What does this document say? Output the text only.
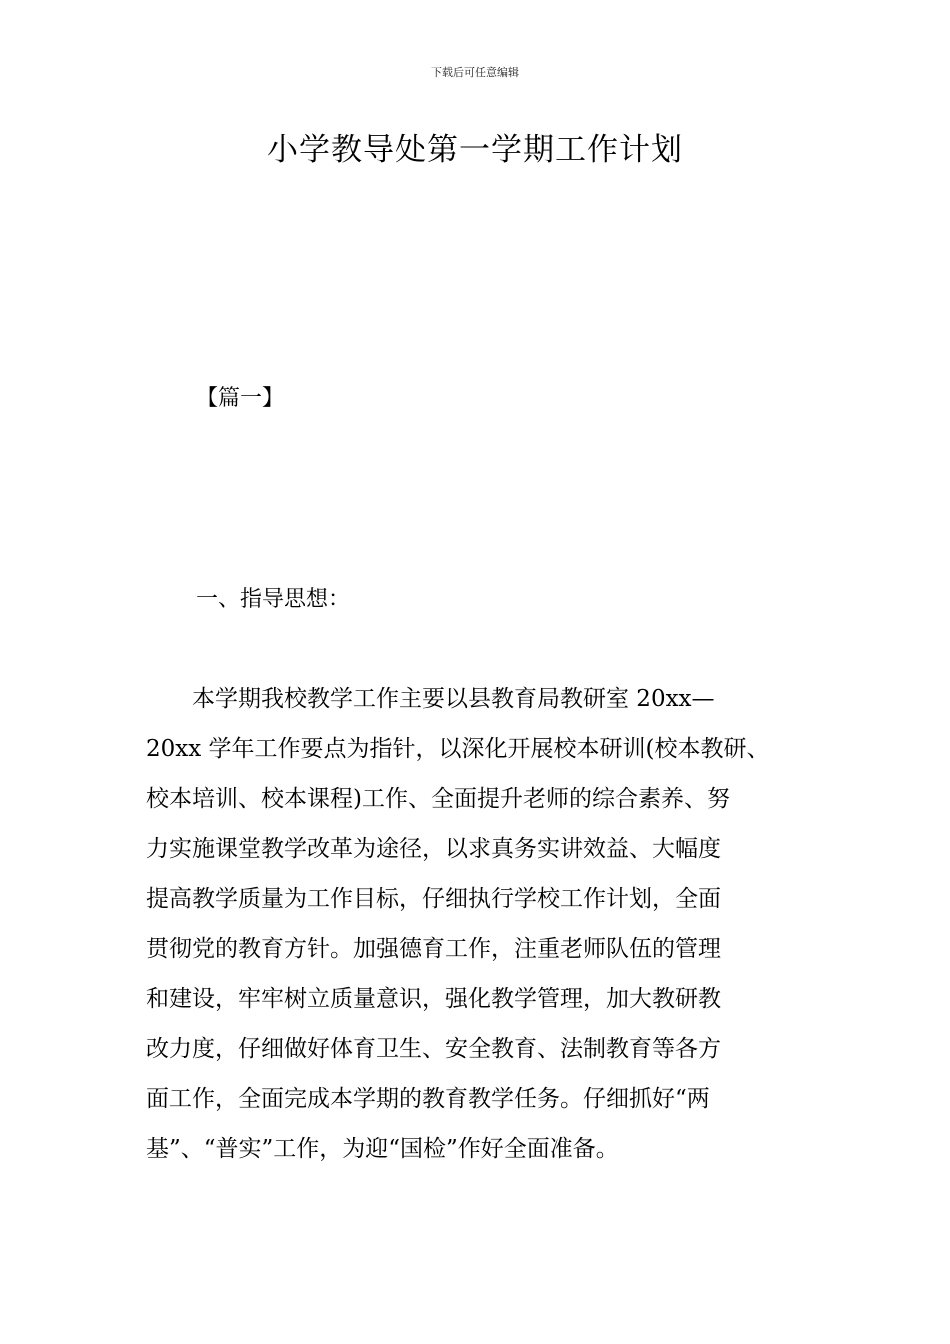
下载后可任意编辑
小学教导处第一学期工作计划
【篇一】
一、指导思想：
　　本学期我校教学工作主要以县教育局教研室 20xx—
20xx 学年工作要点为指针，以深化开展校本研训(校本教研、
校本培训、校本课程)工作、全面提升老师的综合素养、努
力实施课堂教学改革为途径，以求真务实讲效益、大幅度
提高教学质量为工作目标，仔细执行学校工作计划，全面
贯彻党的教育方针。加强德育工作，注重老师队伍的管理
和建设，牢牢树立质量意识，强化教学管理，加大教研教
改力度，仔细做好体育卫生、安全教育、法制教育等各方
面工作，全面完成本学期的教育教学任务。仔细抓好“两
基”、“普实”工作，为迎“国检”作好全面准备。
